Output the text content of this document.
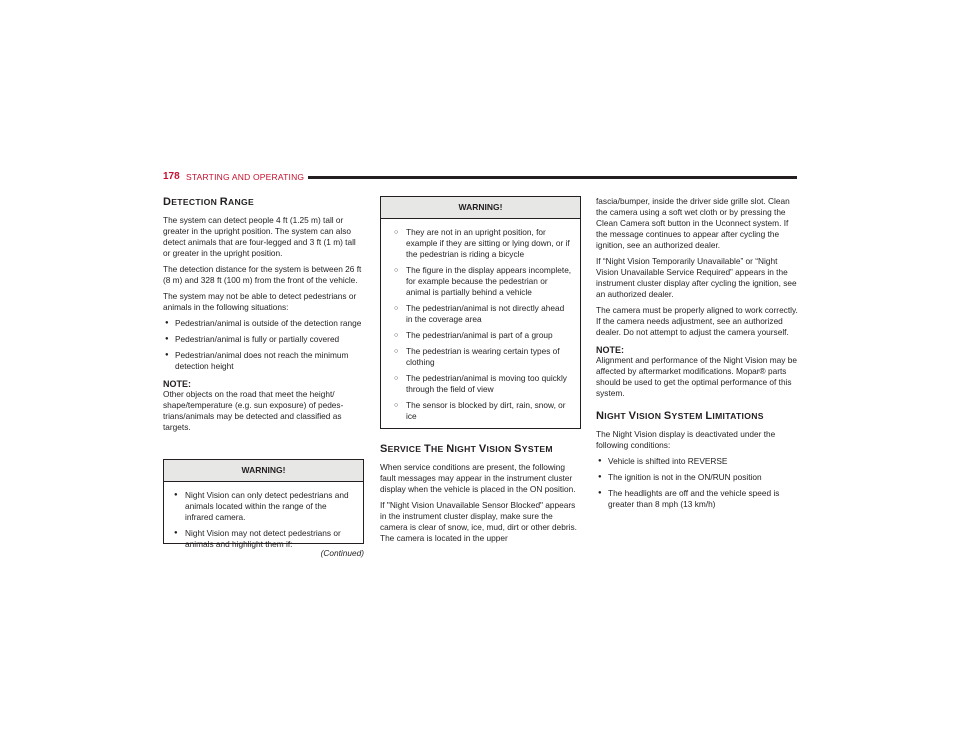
178 STARTING AND OPERATING
DETECTION RANGE

The system can detect people 4 ft (1.25 m) tall or greater in the upright position. The system can also detect animals that are four-legged and 3 ft (1 m) tall or greater in the upright position.

The detection distance for the system is between 26 ft (8 m) and 328 ft (100 m) from the front of the vehicle.

The system may not be able to detect pedestrians or animals in the following situations:

● Pedestrian/animal is outside of the detection range
● Pedestrian/animal is fully or partially covered
● Pedestrian/animal does not reach the minimum detection height
NOTE:
Other objects on the road that meet the height/ shape/temperature (e.g. sun exposure) of pedestrians/animals may be detected and classified as targets.
WARNING!
● Night Vision can only detect pedestrians and animals located within the range of the infrared camera.
● Night Vision may not detect pedestrians or animals and highlight them if:
(Continued)
WARNING!
○ They are not in an upright position, for example if they are sitting or lying down, or if the pedestrian is riding a bicycle
○ The figure in the display appears incomplete, for example because the pedestrian or animal is partially behind a vehicle
○ The pedestrian/animal is not directly ahead in the coverage area
○ The pedestrian/animal is part of a group
○ The pedestrian is wearing certain types of clothing
○ The pedestrian/animal is moving too quickly through the field of view
○ The sensor is blocked by dirt, rain, snow, or ice
SERVICE THE NIGHT VISION SYSTEM

When service conditions are present, the following fault messages may appear in the instrument cluster display when the vehicle is placed in the ON position.

If "Night Vision Unavailable Sensor Blocked" appears in the instrument cluster display, make sure the camera is clear of snow, ice, mud, dirt or other debris. The camera is located in the upper

fascia/bumper, inside the driver side grille slot. Clean the camera using a soft wet cloth or by pressing the Clean Camera soft button in the Uconnect system. If the message continues to appear after cycling the ignition, see an authorized dealer.

If “Night Vision Temporarily Unavailable” or “Night Vision Unavailable Service Required” appears in the instrument cluster display after cycling the ignition, see an authorized dealer.

The camera must be properly aligned to work correctly. If the camera needs adjustment, see an authorized dealer. Do not attempt to adjust the camera yourself.

NOTE:
Alignment and performance of the Night Vision may be affected by aftermarket modifications. Mopar® parts should be used to get the optimal performance of this system.
NIGHT VISION SYSTEM LIMITATIONS

The Night Vision display is deactivated under the following conditions:

● Vehicle is shifted into REVERSE
● The ignition is not in the ON/RUN position
● The headlights are off and the vehicle speed is greater than 8 mph (13 km/h)
